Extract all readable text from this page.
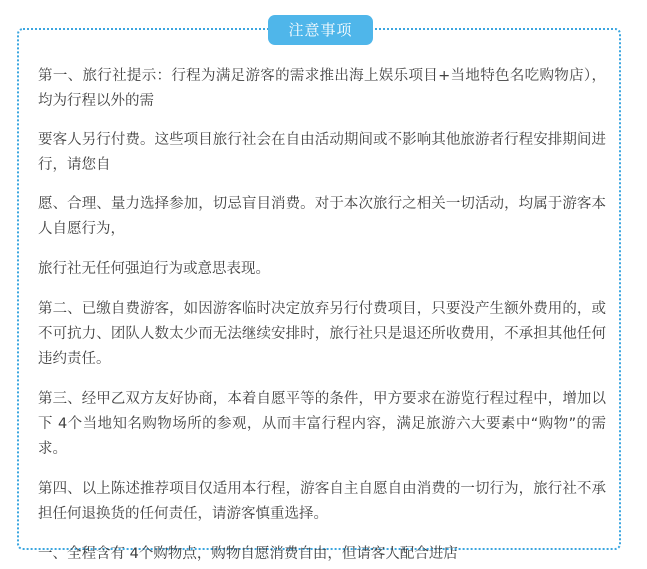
注意事项

第一、旅行社提示：行程为满足游客的需求推出海上娱乐项目+当地特色名吃购物店），均为行程以外的需

要客人另行付费。这些项目旅行社会在自由活动期间或不影响其他旅游者行程安排期间进行，请您自

愿、合理、量力选择参加，切忌盲目消费。对于本次旅行之相关一切活动，均属于游客本人自愿行为，

旅行社无任何强迫行为或意思表现。

第二、已缴自费游客，如因游客临时决定放弃另行付费项目，只要没产生额外费用的，或不可抗力、团队人数太少而无法继续安排时，旅行社只是退还所收费用，不承担其他任何违约责任。

第三、经甲乙双方友好协商，本着自愿平等的条件，甲方要求在游览行程过程中，增加以下 4个当地知名购物场所的参观，从而丰富行程内容，满足旅游六大要素中“购物”的需求。

第四、以上陈述推荐项目仅适用本行程，游客自主自愿自由消费的一切行为，旅行社不承担任何退换货的任何责任，请游客慎重选择。

一、全程含有 4个购物点，购物自愿消费自由，但请客人配合进店
